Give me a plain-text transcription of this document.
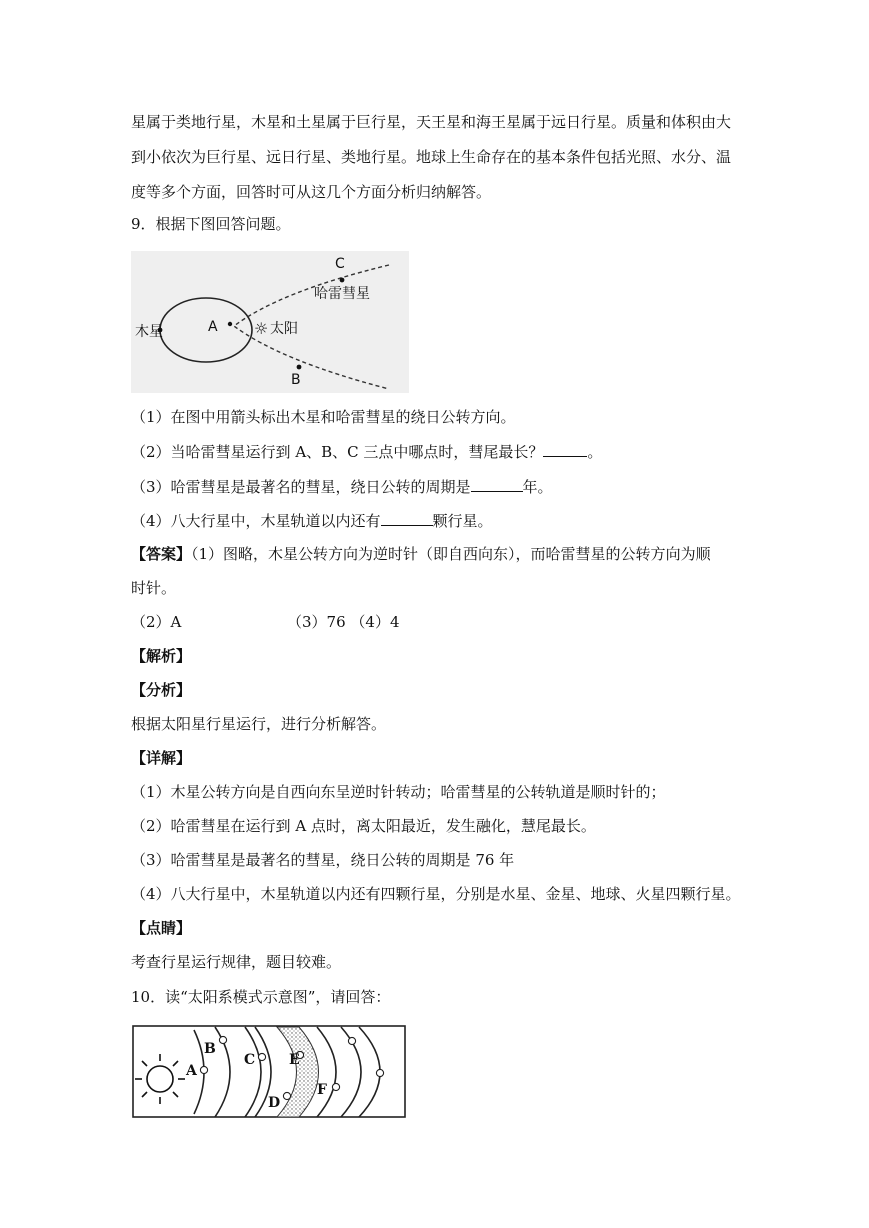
星属于类地行星，木星和土星属于巨行星，天王星和海王星属于远日行星。质量和体积由大
到小依次为巨行星、远日行星、类地行星。地球上生命存在的基本条件包括光照、水分、温
度等多个方面，回答时可从这几个方面分析归纳解答。
9．根据下图回答问题。
☼
C
哈雷彗星
木星	A	太阳
B
（1）在图中用箭头标出木星和哈雷彗星的绕日公转方向。
（2）当哈雷彗星运行到 A、B、C 三点中哪点时，彗尾最长？	。
（3）哈雷彗星是最著名的彗星，绕日公转的周期是	年。
（4）八大行星中，木星轨道以内还有	颗行星。
【答案】（1）图略，木星公转方向为逆时针（即自西向东），而哈雷彗星的公转方向为顺
时针。
（2）A	（3）76 （4）4
【解析】
【分析】
根据太阳星行星运行，进行分析解答。
【详解】
（1）木星公转方向是自西向东呈逆时针转动；哈雷彗星的公转轨道是顺时针的；
（2）哈雷彗星在运行到 A 点时，离太阳最近，发生融化，慧尾最长。
（3）哈雷彗星是最著名的彗星，绕日公转的周期是 76 年
（4）八大行星中，木星轨道以内还有四颗行星，分别是水星、金星、地球、火星四颗行星。
【点睛】
考查行星运行规律，题目较难。
10．读“太阳系模式示意图”，请回答：
A
B
C
D
E
F
